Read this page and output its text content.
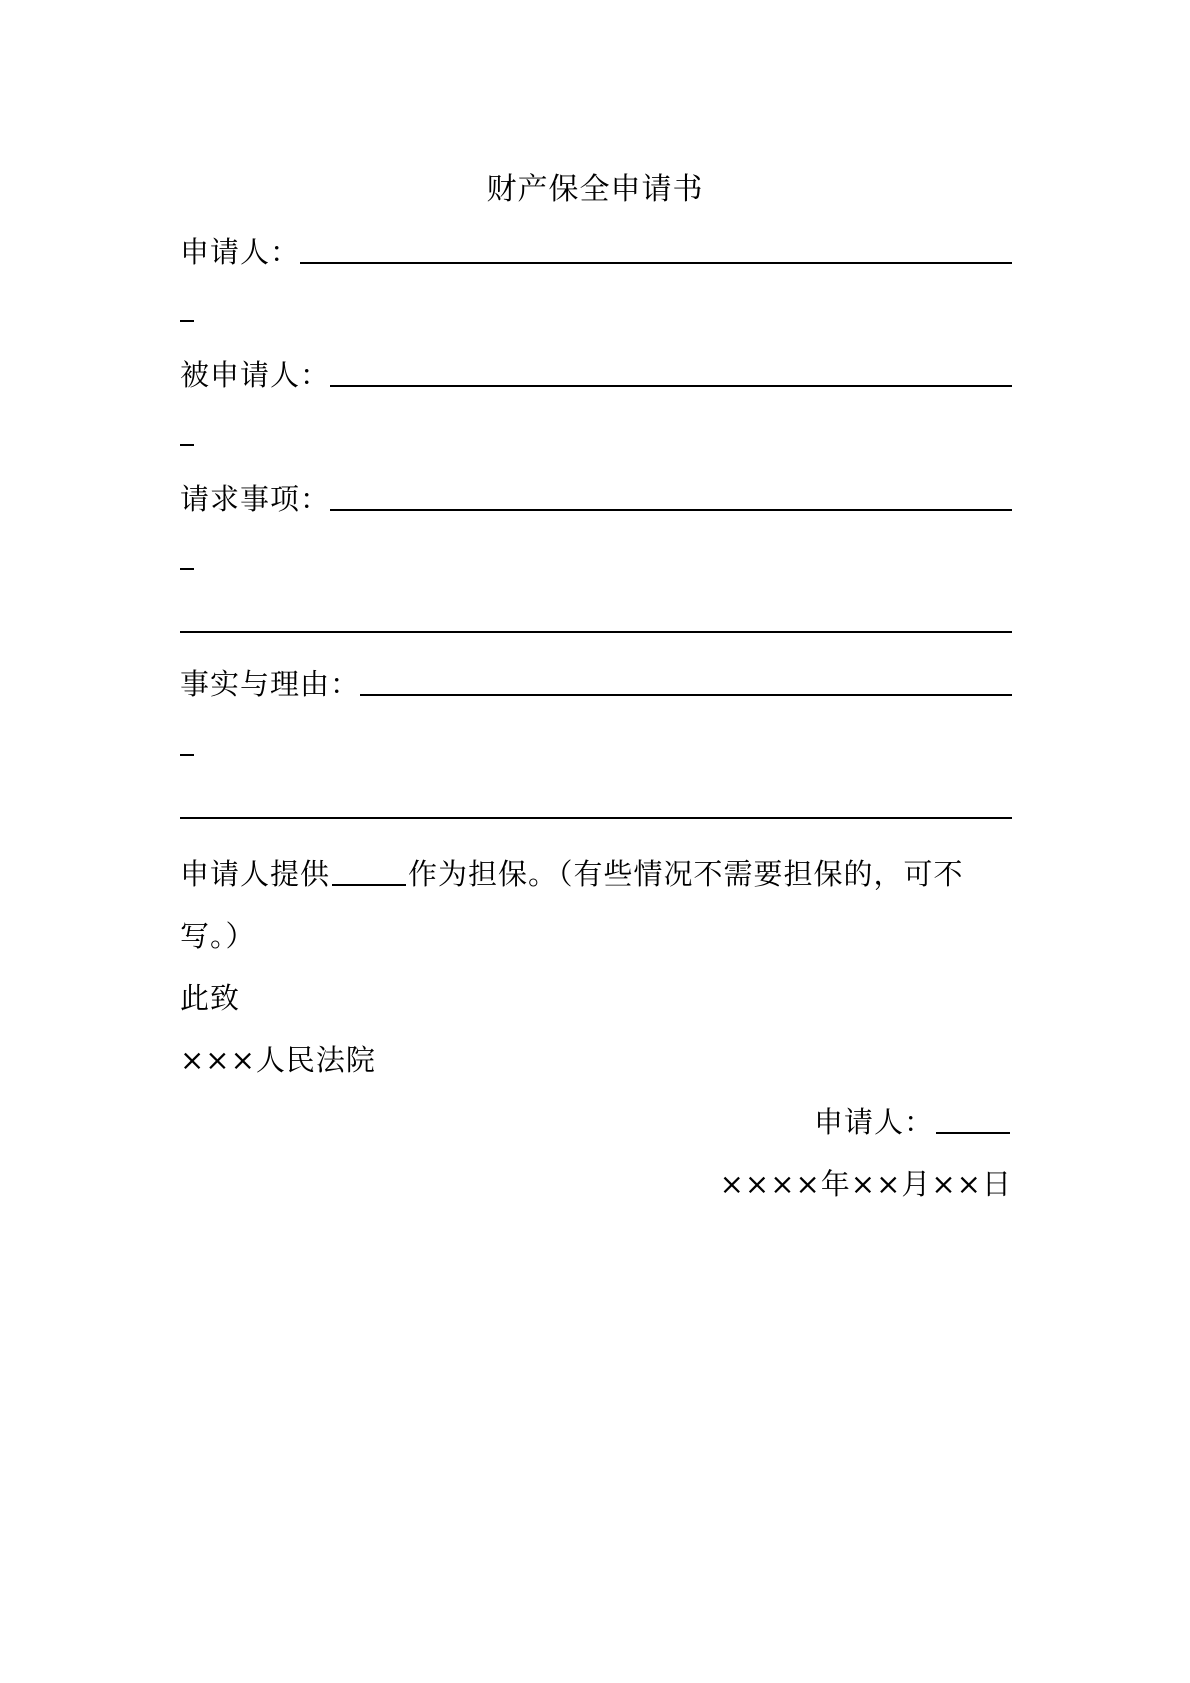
财产保全申请书
申请人：
被申请人：
请求事项：
事实与理由：
申请人提供	作为担保。（有些情况不需要担保的，可不
写。）
此致
×××人民法院
申请人：
××××年××月××日
